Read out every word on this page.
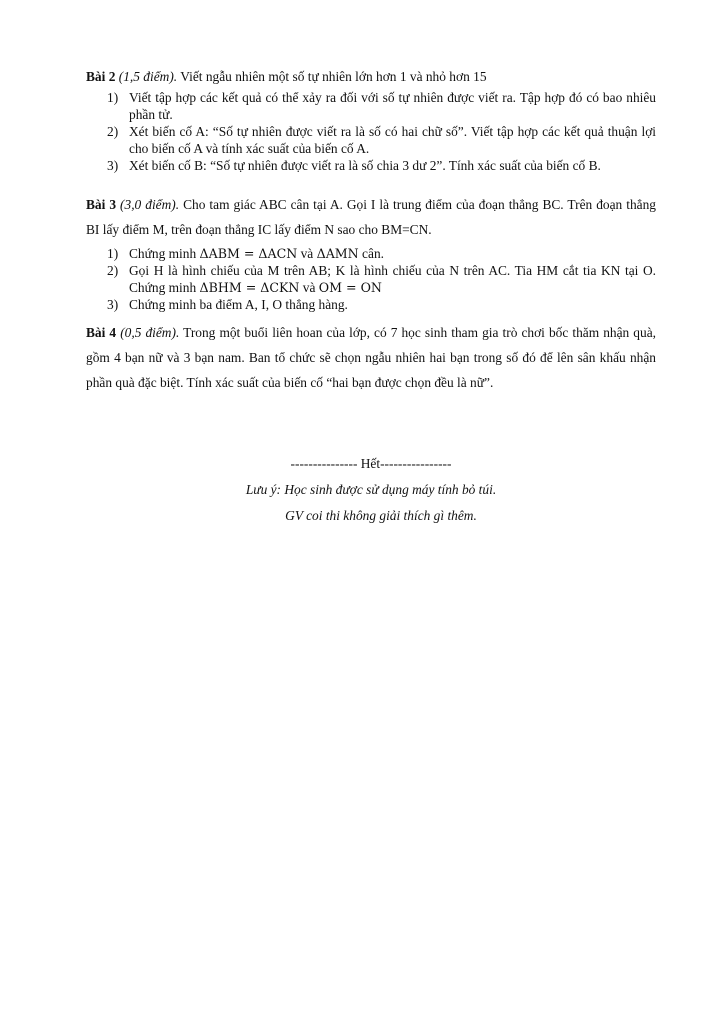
Bài 2 (1,5 điểm). Viết ngẫu nhiên một số tự nhiên lớn hơn 1 và nhỏ hơn 15

1) Viết tập hợp các kết quả có thể xảy ra đối với số tự nhiên được viết ra. Tập hợp đó có bao nhiêu phần tử.
2) Xét biến cố A: “Số tự nhiên được viết ra là số có hai chữ số”. Viết tập hợp các kết quả thuận lợi cho biến cố A và tính xác suất của biến cố A.
3) Xét biến cố B: “Số tự nhiên được viết ra là số chia 3 dư 2”. Tính xác suất của biến cố B.

Bài 3 (3,0 điểm). Cho tam giác ABC cân tại A. Gọi I là trung điểm của đoạn thẳng BC. Trên đoạn thẳng BI lấy điểm M, trên đoạn thẳng IC lấy điểm N sao cho BM=CN.

1) Chứng minh ΔABM = ΔACN và ΔAMN cân.
2) Gọi H là hình chiếu của M trên AB; K là hình chiếu của N trên AC. Tia HM cắt tia KN tại O. Chứng minh ΔBHM = ΔCKN và OM = ON
3) Chứng minh ba điểm A, I, O thẳng hàng.

Bài 4 (0,5 điểm). Trong một buổi liên hoan của lớp, có 7 học sinh tham gia trò chơi bốc thăm nhận quà, gồm 4 bạn nữ và 3 bạn nam. Ban tổ chức sẽ chọn ngẫu nhiên hai bạn trong số đó để lên sân khấu nhận phần quà đặc biệt. Tính xác suất của biến cố “hai bạn được chọn đều là nữ”.

--------------- Hết----------------
Lưu ý: Học sinh được sử dụng máy tính bỏ túi.
GV coi thi không giải thích gì thêm.
